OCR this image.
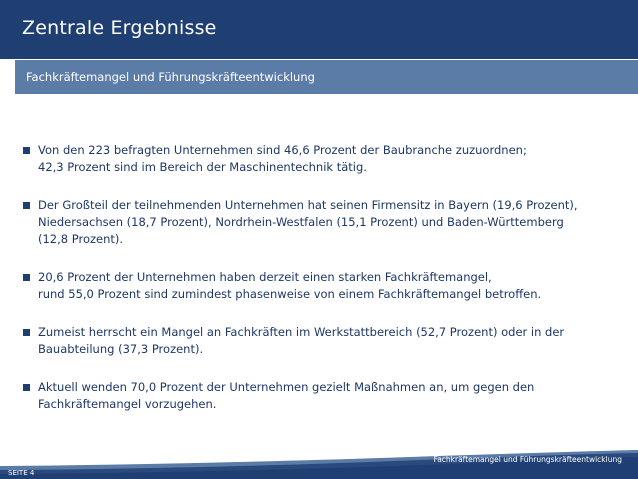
Zentrale Ergebnisse
Fachkräftemangel und Führungskräfteentwicklung
Von den 223 befragten Unternehmen sind 46,6 Prozent der Baubranche zuzuordnen;
42,3 Prozent sind im Bereich der Maschinentechnik tätig.
Der Großteil der teilnehmenden Unternehmen hat seinen Firmensitz in Bayern (19,6 Prozent),
Niedersachsen (18,7 Prozent), Nordrhein-Westfalen (15,1 Prozent) und Baden-Württemberg
(12,8 Prozent).
20,6 Prozent der Unternehmen haben derzeit einen starken Fachkräftemangel,
rund 55,0 Prozent sind zumindest phasenweise von einem Fachkräftemangel betroffen.
Zumeist herrscht ein Mangel an Fachkräften im Werkstattbereich (52,7 Prozent) oder in der
Bauabteilung (37,3 Prozent).
Aktuell wenden 70,0 Prozent der Unternehmen gezielt Maßnahmen an, um gegen den
Fachkräftemangel vorzugehen.
Fachkräftemangel und Führungskräfteentwicklung
SEITE 4
